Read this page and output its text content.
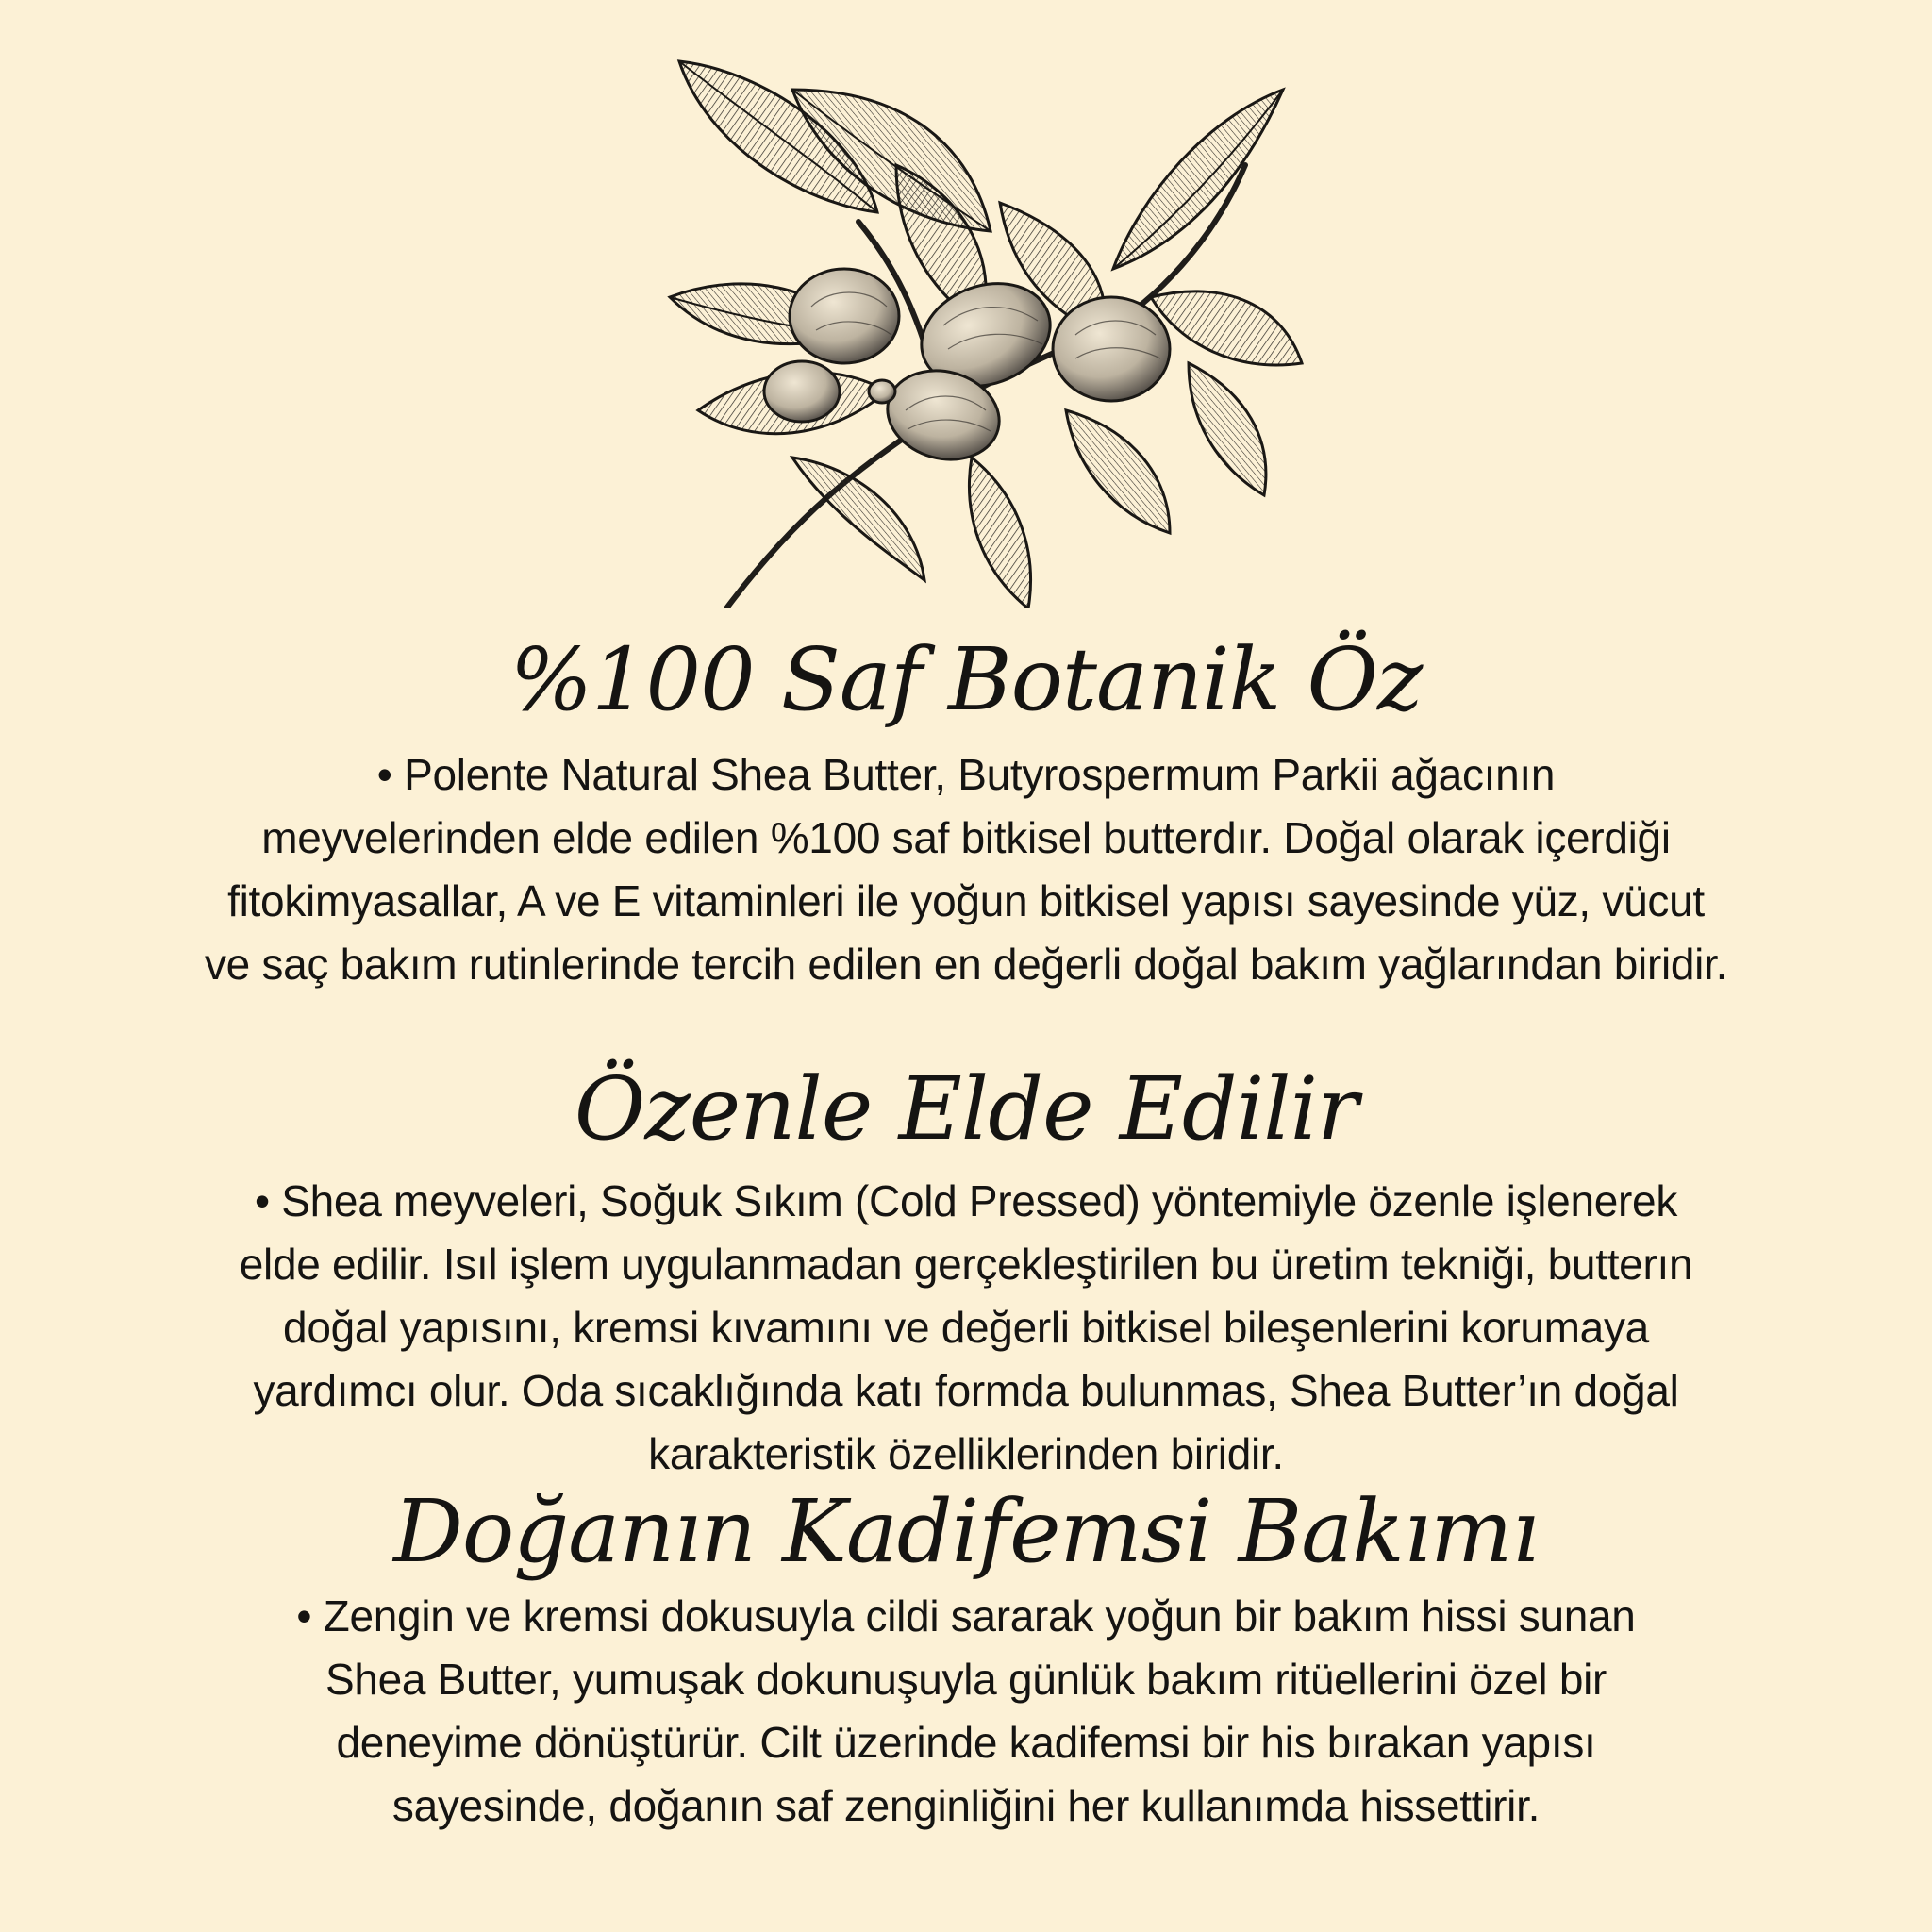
%100 Saf Botanik Öz
• Polente Natural Shea Butter, Butyrospermum Parkii ağacının
meyvelerinden elde edilen %100 saf bitkisel butterdır. Doğal olarak içerdiği
fitokimyasallar, A ve E vitaminleri ile yoğun bitkisel yapısı sayesinde yüz, vücut
ve saç bakım rutinlerinde tercih edilen en değerli doğal bakım yağlarından biridir.
Özenle Elde Edilir
• Shea meyveleri, Soğuk Sıkım (Cold Pressed) yöntemiyle özenle işlenerek
elde edilir. Isıl işlem uygulanmadan gerçekleştirilen bu üretim tekniği, butterın
doğal yapısını, kremsi kıvamını ve değerli bitkisel bileşenlerini korumaya
yardımcı olur. Oda sıcaklığında katı formda bulunmas, Shea Butter’ın doğal
karakteristik özelliklerinden biridir.
Doğanın Kadifemsi Bakımı
• Zengin ve kremsi dokusuyla cildi sararak yoğun bir bakım hissi sunan
Shea Butter, yumuşak dokunuşuyla günlük bakım ritüellerini özel bir
deneyime dönüştürür. Cilt üzerinde kadifemsi bir his bırakan yapısı
sayesinde, doğanın saf zenginliğini her kullanımda hissettirir.
